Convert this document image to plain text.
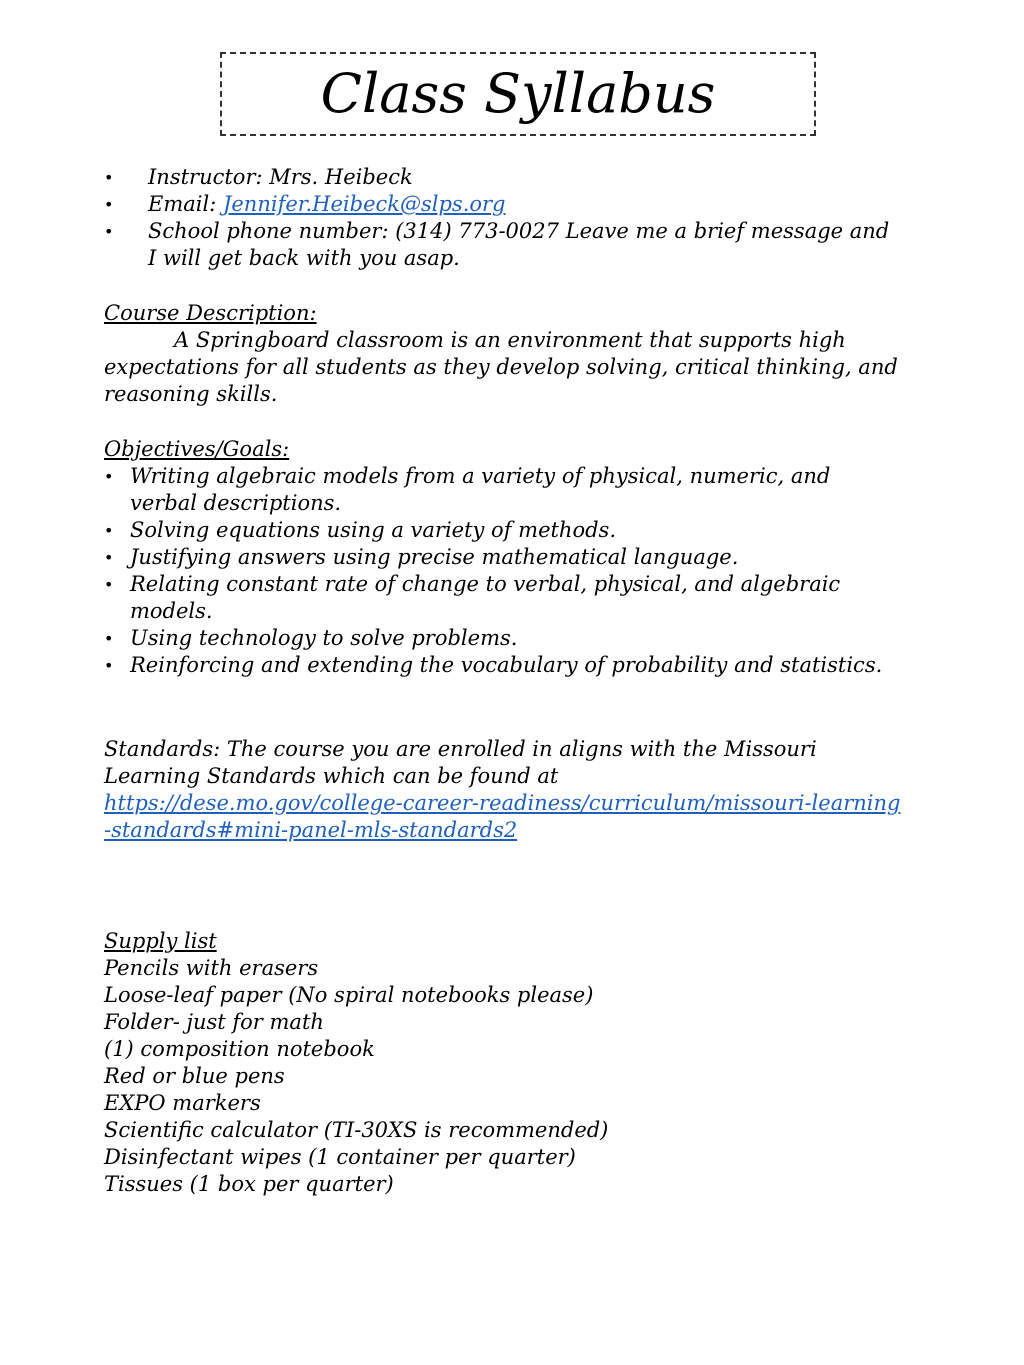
Class Syllabus
• Instructor: Mrs. Heibeck
• Email: Jennifer.Heibeck@slps.org
• School phone number: (314) 773-0027 Leave me a brief message and I will get back with you asap.
Course Description:
A Springboard classroom is an environment that supports high expectations for all students as they develop solving, critical thinking, and reasoning skills.
Objectives/Goals:
• Writing algebraic models from a variety of physical, numeric, and verbal descriptions.
• Solving equations using a variety of methods.
• Justifying answers using precise mathematical language.
• Relating constant rate of change to verbal, physical, and algebraic models.
• Using technology to solve problems.
• Reinforcing and extending the vocabulary of probability and statistics.
Standards: The course you are enrolled in aligns with the Missouri Learning Standards which can be found at
https://dese.mo.gov/college-career-readiness/curriculum/missouri-learning-standards#mini-panel-mls-standards2
Supply list
Pencils with erasers
Loose-leaf paper (No spiral notebooks please)
Folder- just for math
(1) composition notebook
Red or blue pens
EXPO markers
Scientific calculator (TI-30XS is recommended)
Disinfectant wipes (1 container per quarter)
Tissues (1 box per quarter)
